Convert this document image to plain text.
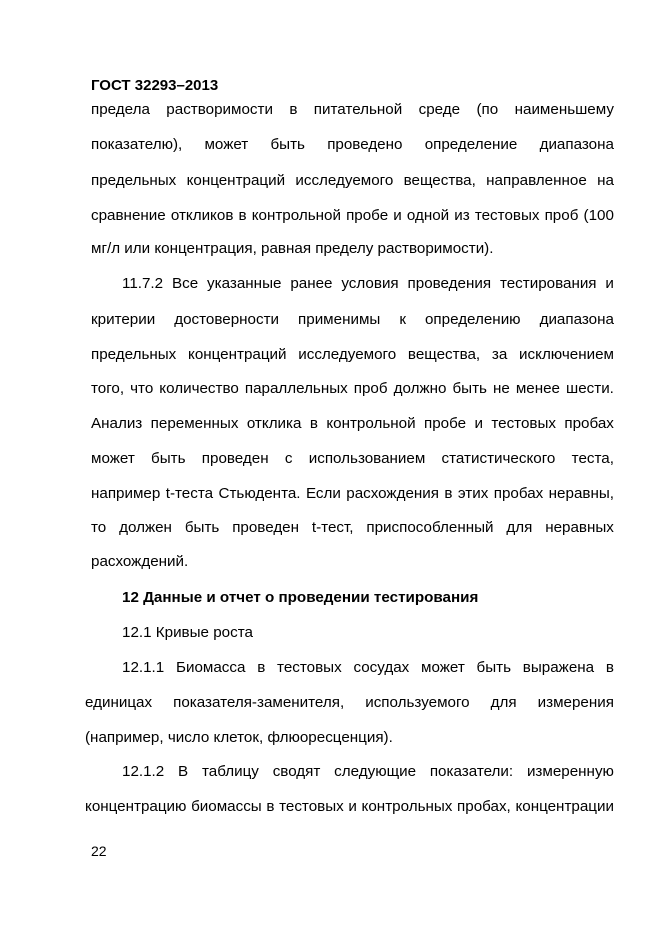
ГОСТ 32293–2013
предела растворимости в питательной среде (по наименьшему
показателю), может быть проведено определение диапазона
предельных концентраций исследуемого вещества, направленное на
сравнение откликов в контрольной пробе и одной из тестовых проб (100
мг/л или концентрация, равная пределу растворимости).
11.7.2 Все указанные ранее условия проведения тестирования и
критерии достоверности применимы к определению диапазона
предельных концентраций исследуемого вещества, за исключением
того, что количество параллельных проб должно быть не менее шести.
Анализ переменных отклика в контрольной пробе и тестовых пробах
может быть проведен с использованием статистического теста,
например t-теста Стьюдента. Если расхождения в этих пробах неравны,
то должен быть проведен t-тест, приспособленный для неравных
расхождений.
12 Данные и отчет о проведении тестирования
12.1 Кривые роста
12.1.1 Биомасса в тестовых сосудах может быть выражена в
единицах показателя-заменителя, используемого для измерения
(например, число клеток, флюоресценция).
12.1.2 В таблицу сводят следующие показатели: измеренную
концентрацию биомассы в тестовых и контрольных пробах, концентрации
22
